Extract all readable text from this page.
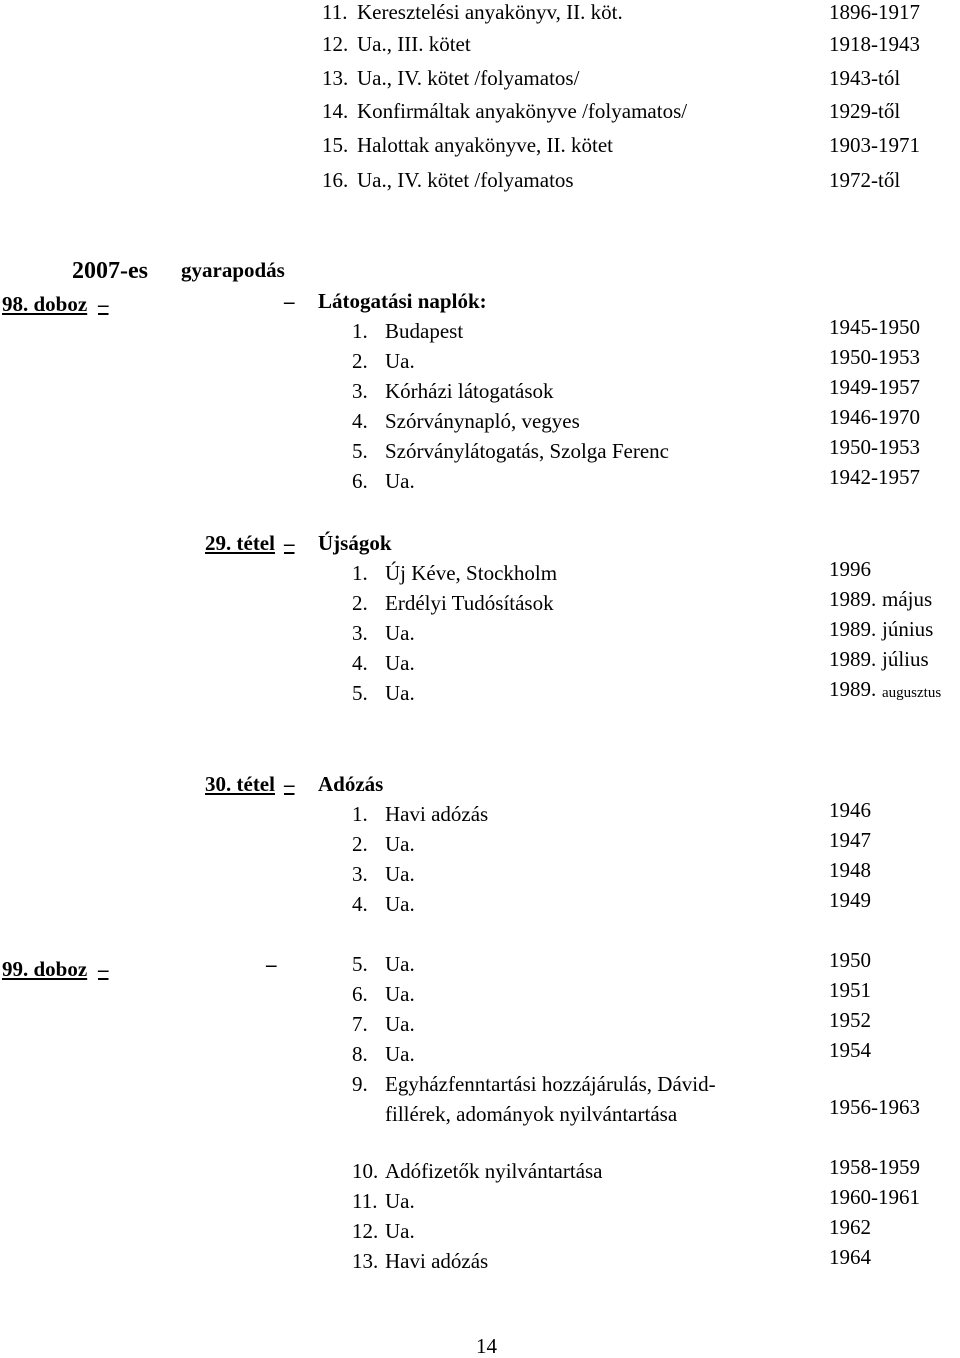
11. Keresztelési anyakönyv, II. köt.	1896-1917
12. Ua., III. kötet	1918-1943
13. Ua., IV. kötet /folyamatos/	1943-tól
14. Konfirmáltak anyakönyve /folyamatos/	1929-től
15. Halottak anyakönyve, II. kötet	1903-1971
16. Ua., IV. kötet /folyamatos	1972-től
2007-es gyarapodás
98. doboz –	– Látogatási naplók:
1. Budapest	1945-1950
2. Ua.	1950-1953
3. Kórházi látogatások	1949-1957
4. Szórványnapló, vegyes	1946-1970
5. Szórványlátogatás, Szolga Ferenc	1950-1953
6. Ua.	1942-1957
29. tétel – Újságok
1. Új Kéve, Stockholm	1996
2. Erdélyi Tudósítások	1989. május
3. Ua.	1989. június
4. Ua.	1989. július
5. Ua.	1989. augusztus
30. tétel – Adózás
1. Havi adózás	1946
2. Ua.	1947
3. Ua.	1948
4. Ua.	1949
99. doboz –	–	5. Ua.	1950
6. Ua.	1951
7. Ua.	1952
8. Ua.	1954
9. Egyházfenntartási hozzájárulás, Dávid-
fillérek, adományok nyilvántartása	1956-1963
10. Adófizetők nyilvántartása	1958-1959
11. Ua.	1960-1961
12. Ua.	1962
13. Havi adózás	1964
14
